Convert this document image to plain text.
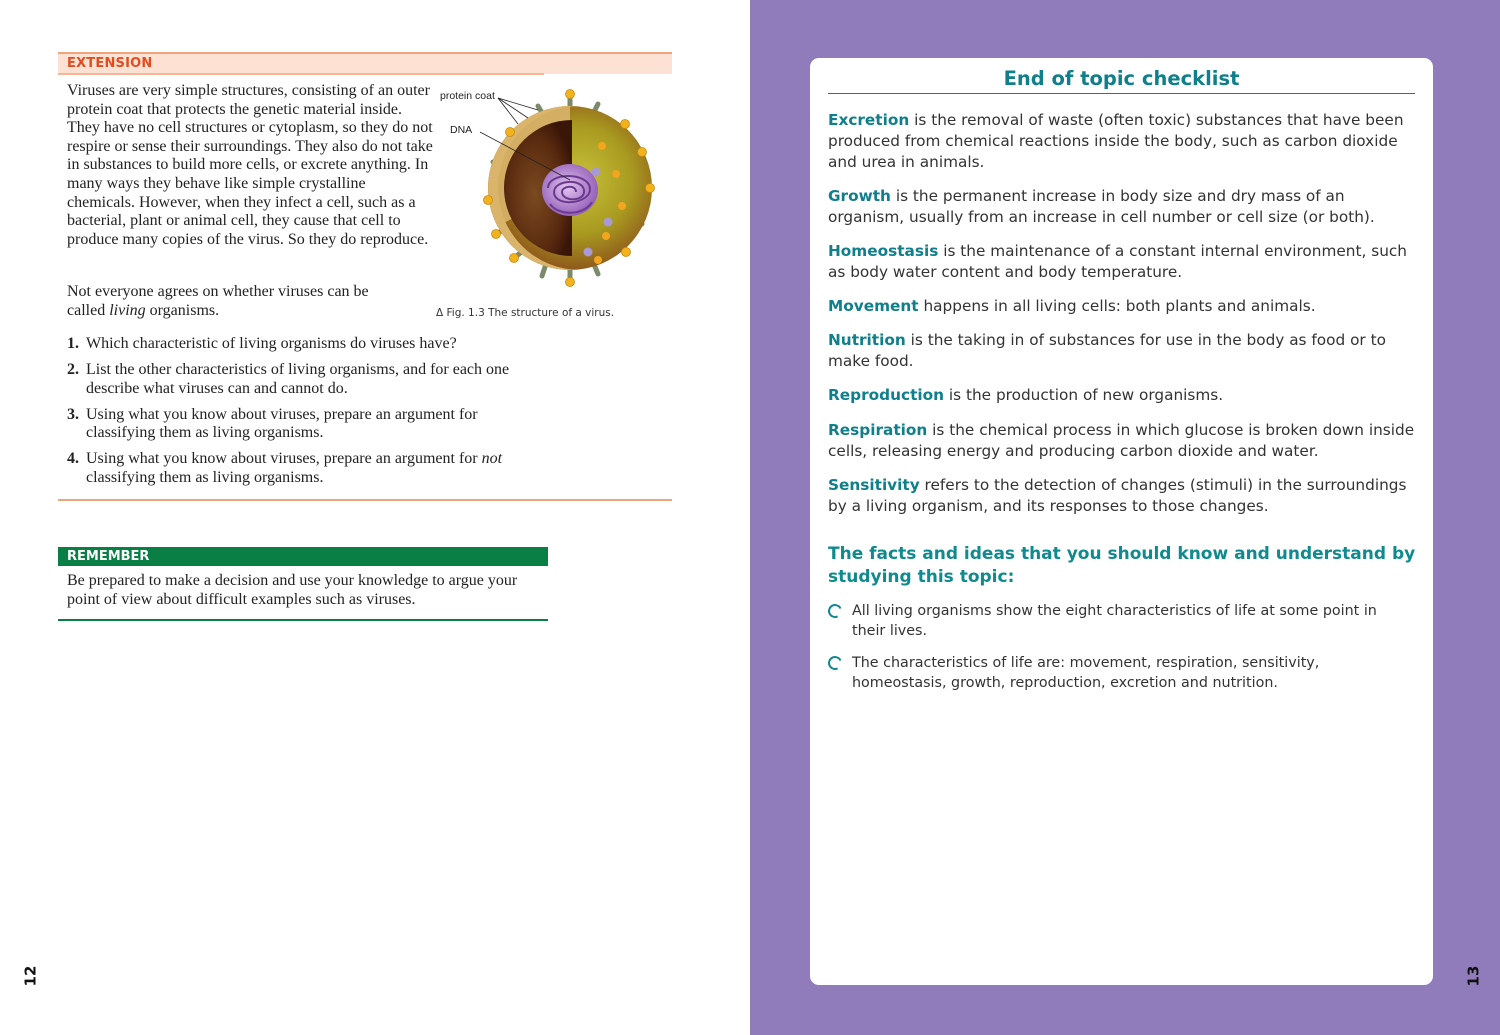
EXTENSION

Viruses are very simple structures, consisting of an outer protein coat that protects the genetic material inside. They have no cell structures or cytoplasm, so they do not respire or sense their surroundings. They also do not take in substances to build more cells, or excrete anything. In many ways they behave like simple crystalline chemicals. However, when they infect a cell, such as a bacterial, plant or animal cell, they cause that cell to produce many copies of the virus. So they do reproduce.

Not everyone agrees on whether viruses can be called living organisms.

1. Which characteristic of living organisms do viruses have?
2. List the other characteristics of living organisms, and for each one describe what viruses can and cannot do.
3. Using what you know about viruses, prepare an argument for classifying them as living organisms.
4. Using what you know about viruses, prepare an argument for not classifying them as living organisms.
protein coat
DNA
Δ Fig. 1.3 The structure of a virus.
REMEMBER

Be prepared to make a decision and use your knowledge to argue your point of view about difficult examples such as viruses.

12
End of topic checklist

Excretion is the removal of waste (often toxic) substances that have been produced from chemical reactions inside the body, such as carbon dioxide and urea in animals.

Growth is the permanent increase in body size and dry mass of an organism, usually from an increase in cell number or cell size (or both).

Homeostasis is the maintenance of a constant internal environment, such as body water content and body temperature.

Movement happens in all living cells: both plants and animals.

Nutrition is the taking in of substances for use in the body as food or to make food.

Reproduction is the production of new organisms.

Respiration is the chemical process in which glucose is broken down inside cells, releasing energy and producing carbon dioxide and water.

Sensitivity refers to the detection of changes (stimuli) in the surroundings by a living organism, and its responses to those changes.

The facts and ideas that you should know and understand by studying this topic:

All living organisms show the eight characteristics of life at some point in their lives.
The characteristics of life are: movement, respiration, sensitivity, homeostasis, growth, reproduction, excretion and nutrition.
13
